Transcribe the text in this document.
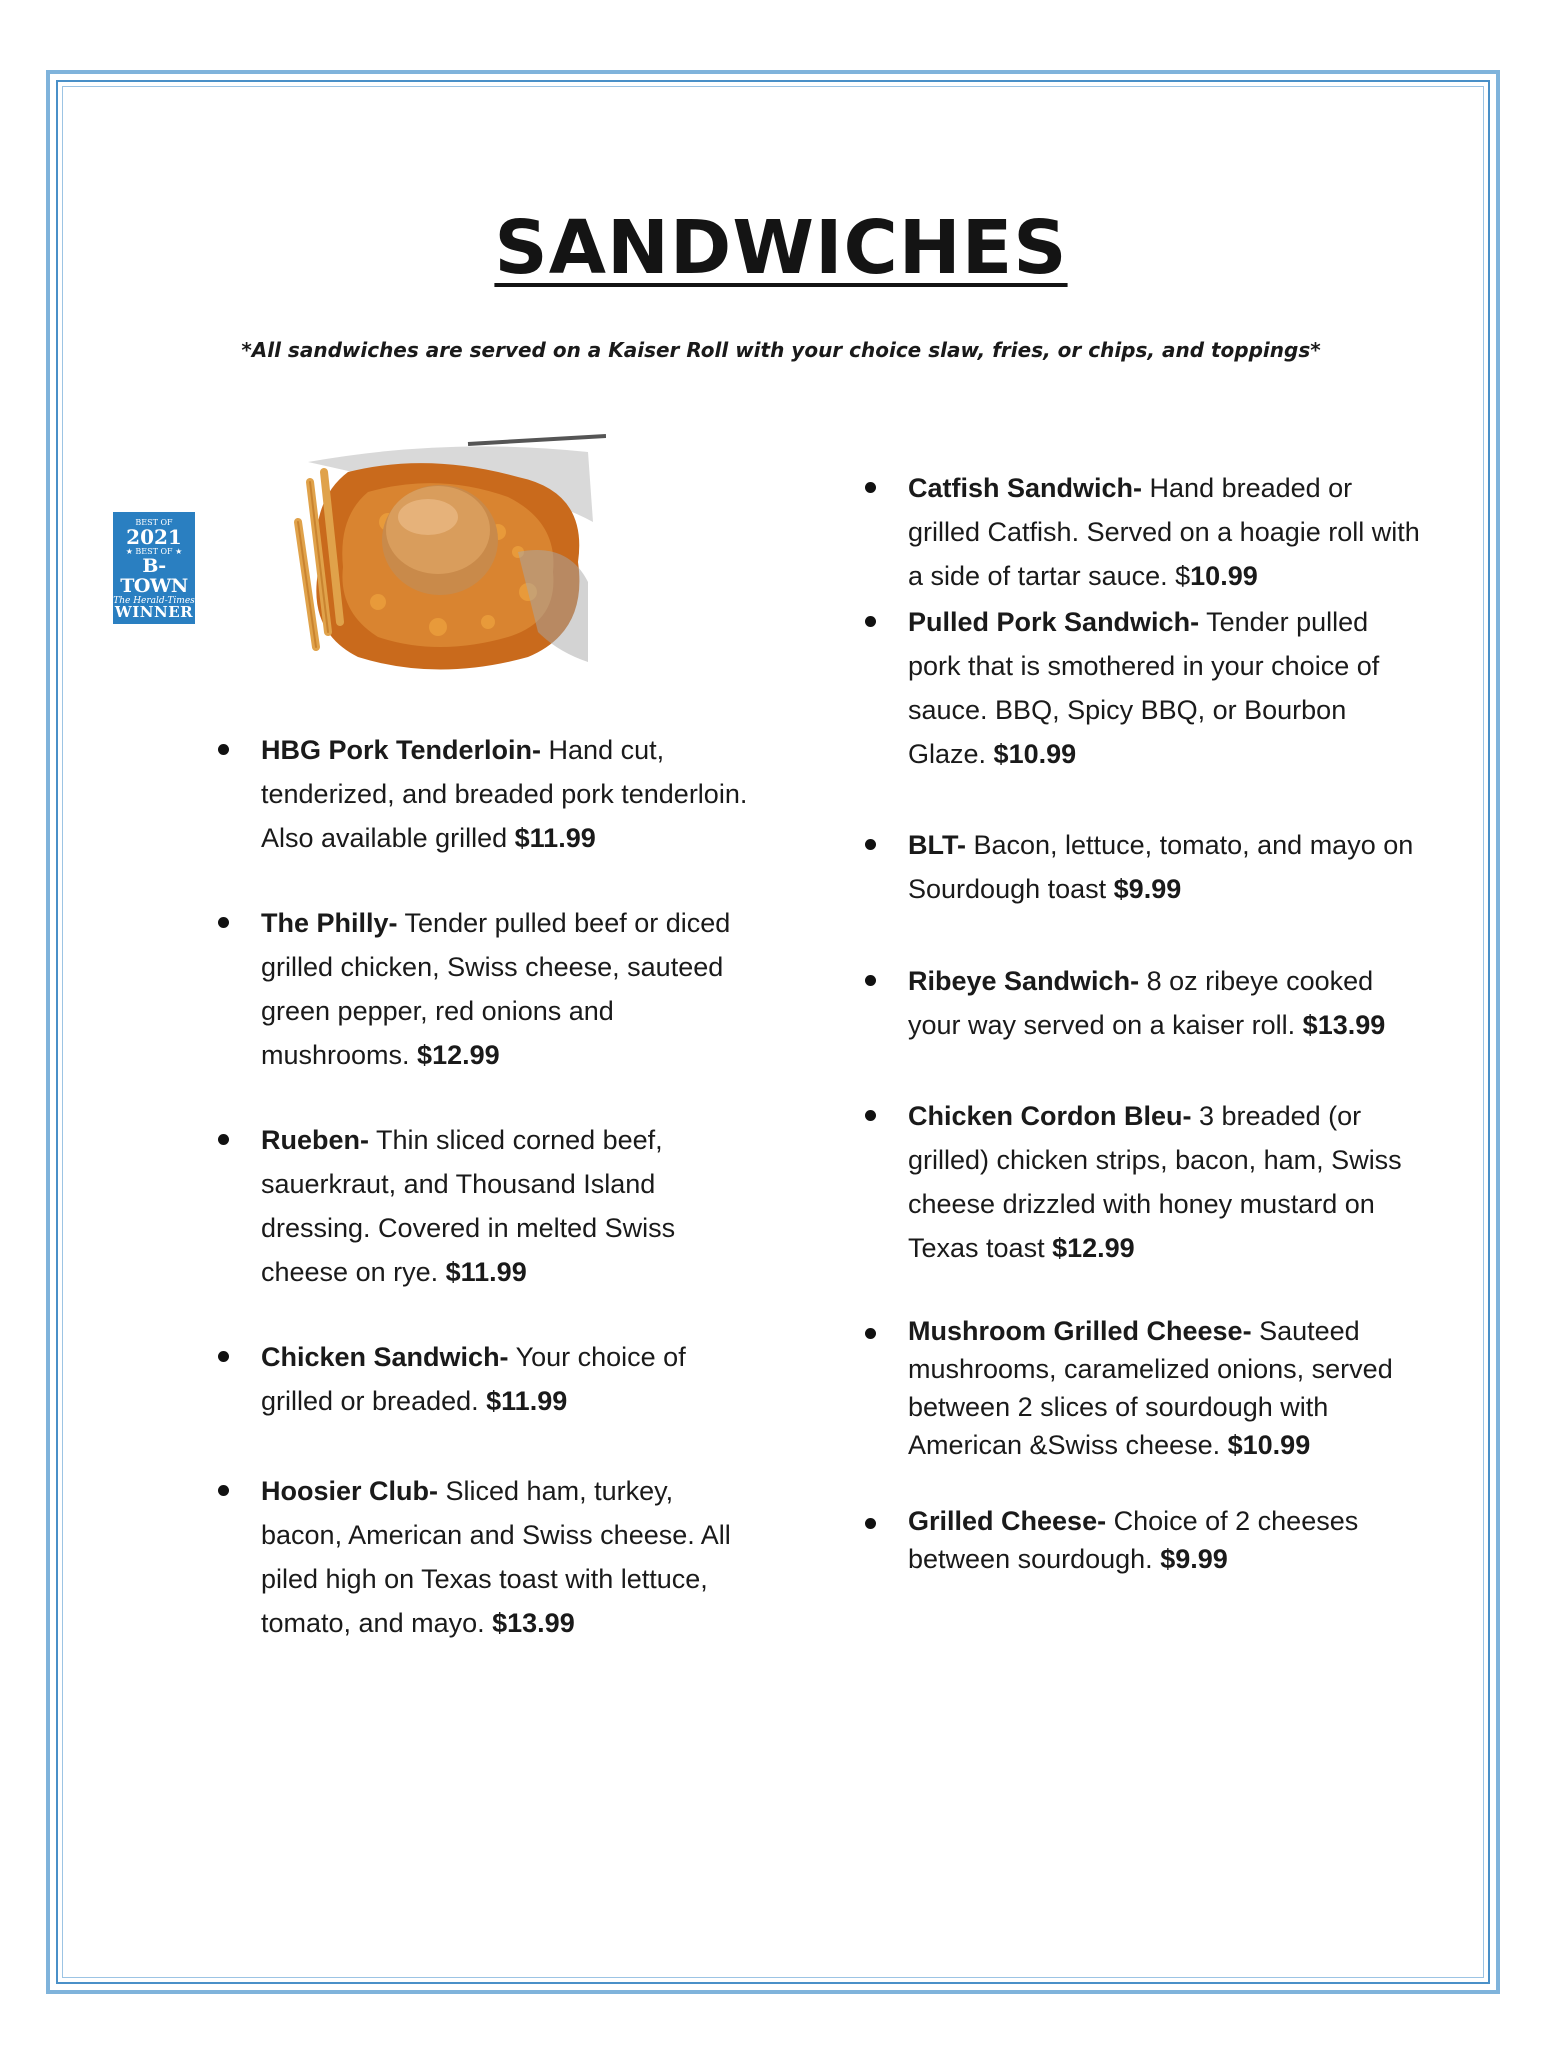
SANDWICHES
*All sandwiches are served on a Kaiser Roll with your choice slaw, fries, or chips, and toppings*
BEST OF
2021
★ BEST OF ★
B-TOWN
The Herald-Times
WINNER
HBG Pork Tenderloin- Hand cut, tenderized, and breaded pork tenderloin. Also available grilled $11.99
The Philly- Tender pulled beef or diced grilled chicken, Swiss cheese, sauteed green pepper, red onions and mushrooms. $12.99
Rueben- Thin sliced corned beef, sauerkraut, and Thousand Island dressing. Covered in melted Swiss cheese on rye. $11.99
Chicken Sandwich- Your choice of grilled or breaded. $11.99
Hoosier Club- Sliced ham, turkey, bacon, American and Swiss cheese. All piled high on Texas toast with lettuce, tomato, and mayo. $13.99
Catfish Sandwich- Hand breaded or grilled Catfish. Served on a hoagie roll with a side of tartar sauce. $10.99
Pulled Pork Sandwich- Tender pulled pork that is smothered in your choice of sauce. BBQ, Spicy BBQ, or Bourbon Glaze. $10.99
BLT- Bacon, lettuce, tomato, and mayo on Sourdough toast $9.99
Ribeye Sandwich- 8 oz ribeye cooked your way served on a kaiser roll. $13.99
Chicken Cordon Bleu- 3 breaded (or grilled) chicken strips, bacon, ham, Swiss cheese drizzled with honey mustard on Texas toast $12.99
Mushroom Grilled Cheese- Sauteed mushrooms, caramelized onions, served between 2 slices of sourdough with American &Swiss cheese. $10.99
Grilled Cheese- Choice of 2 cheeses between sourdough. $9.99
